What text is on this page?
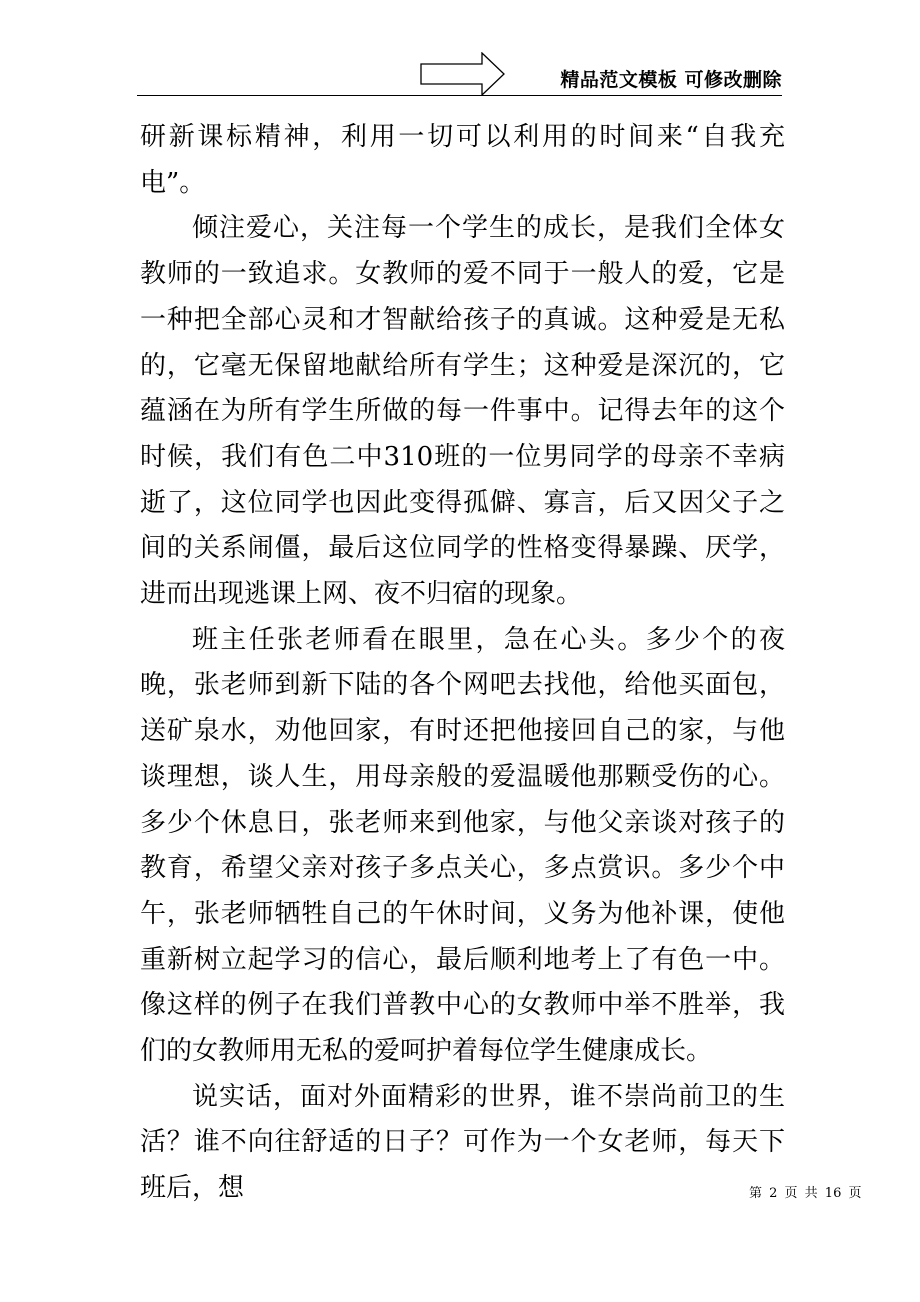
精品范文模板 可修改删除

研新课标精神，利用一切可以利用的时间来“自我充电”。

倾注爱心，关注每一个学生的成长，是我们全体女教师的一致追求。女教师的爱不同于一般人的爱，它是一种把全部心灵和才智献给孩子的真诚。这种爱是无私的，它毫无保留地献给所有学生；这种爱是深沉的，它蕴涵在为所有学生所做的每一件事中。记得去年的这个时候，我们有色二中310班的一位男同学的母亲不幸病逝了，这位同学也因此变得孤僻、寡言，后又因父子之间的关系闹僵，最后这位同学的性格变得暴躁、厌学，进而出现逃课上网、夜不归宿的现象。

班主任张老师看在眼里，急在心头。多少个的夜晚，张老师到新下陆的各个网吧去找他，给他买面包，送矿泉水，劝他回家，有时还把他接回自己的家，与他谈理想，谈人生，用母亲般的爱温暖他那颗受伤的心。多少个休息日，张老师来到他家，与他父亲谈对孩子的教育，希望父亲对孩子多点关心，多点赏识。多少个中午，张老师牺牲自己的午休时间，义务为他补课，使他重新树立起学习的信心，最后顺利地考上了有色一中。像这样的例子在我们普教中心的女教师中举不胜举，我们的女教师用无私的爱呵护着每位学生健康成长。

说实话，面对外面精彩的世界，谁不崇尚前卫的生活？谁不向往舒适的日子？可作为一个女老师，每天下班后，想	第 2 页 共 16 页
